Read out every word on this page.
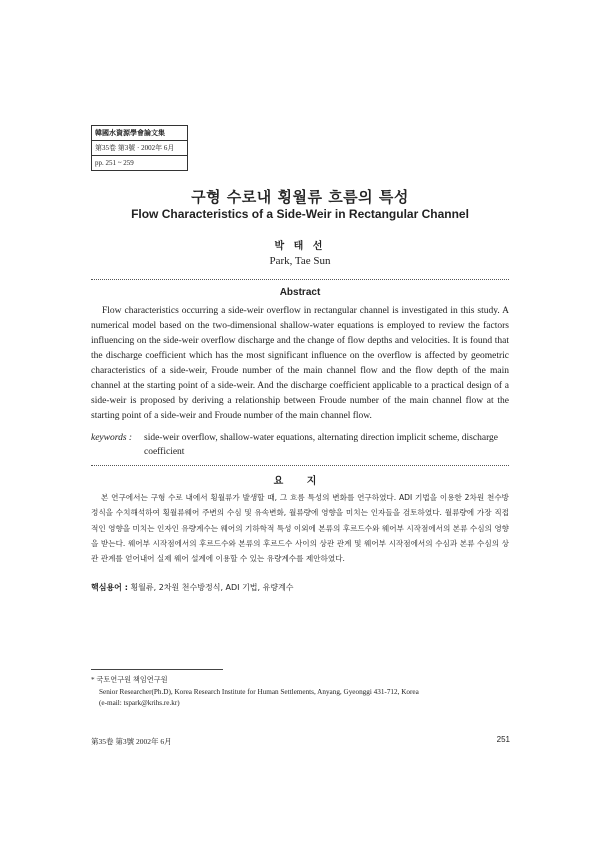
韓國水資源學會論文集
第35卷 第3號 · 2002年 6月
pp. 251 ~ 259
구형 수로내 횡월류 흐름의 특성
Flow Characteristics of a Side-Weir in Rectangular Channel
박 태 선
Park, Tae Sun
Abstract

Flow characteristics occurring a side-weir overflow in rectangular channel is investigated in this study. A numerical model based on the two-dimensional shallow-water equations is employed to review the factors influencing on the side-weir overflow discharge and the change of flow depths and velocities. It is found that the discharge coefficient which has the most significant influence on the overflow is affected by geometric characteristics of a side-weir, Froude number of the main channel flow and the flow depth of the main channel at the starting point of a side-weir. And the discharge coefficient applicable to a practical design of a side-weir is proposed by deriving a relationship between Froude number of the main channel flow at the starting point of a side-weir and Froude number of the main channel flow.

keywords : side-weir overflow, shallow-water equations, alternating direction implicit scheme, discharge coefficient
요 지

본 연구에서는 구형 수로 내에서 횡월류가 발생할 때, 그 흐름 특성의 변화를 연구하였다. ADI 기법을 이용한 2차원 천수방정식을 수치해석하여 횡월류웨어 주변의 수심 및 유속변화, 월류량에 영향을 미치는 인자들을 검토하였다. 월류량에 가장 직접적인 영향을 미치는 인자인 유량계수는 웨어의 기하학적 특성 이외에 본류의 후르드수와 웨어부 시작점에서의 본류 수심의 영향을 받는다. 웨어부 시작점에서의 후르드수와 본류의 후르드수 사이의 상관 관계 및 웨어부 시작점에서의 수심과 본류 수심의 상관 관계를 얻어내어 실제 웨어 설계에 이용할 수 있는 유량계수를 제안하였다.

핵심용어 : 횡월류, 2차원 천수방정식, ADI 기법, 유량계수
* 국토연구원 책임연구원
Senior Researcher(Ph.D), Korea Research Institute for Human Settlements, Anyang, Gyeonggi 431-712, Korea
(e-mail: tspark@krihs.re.kr)
第35卷 第3號 2002年 6月	251
